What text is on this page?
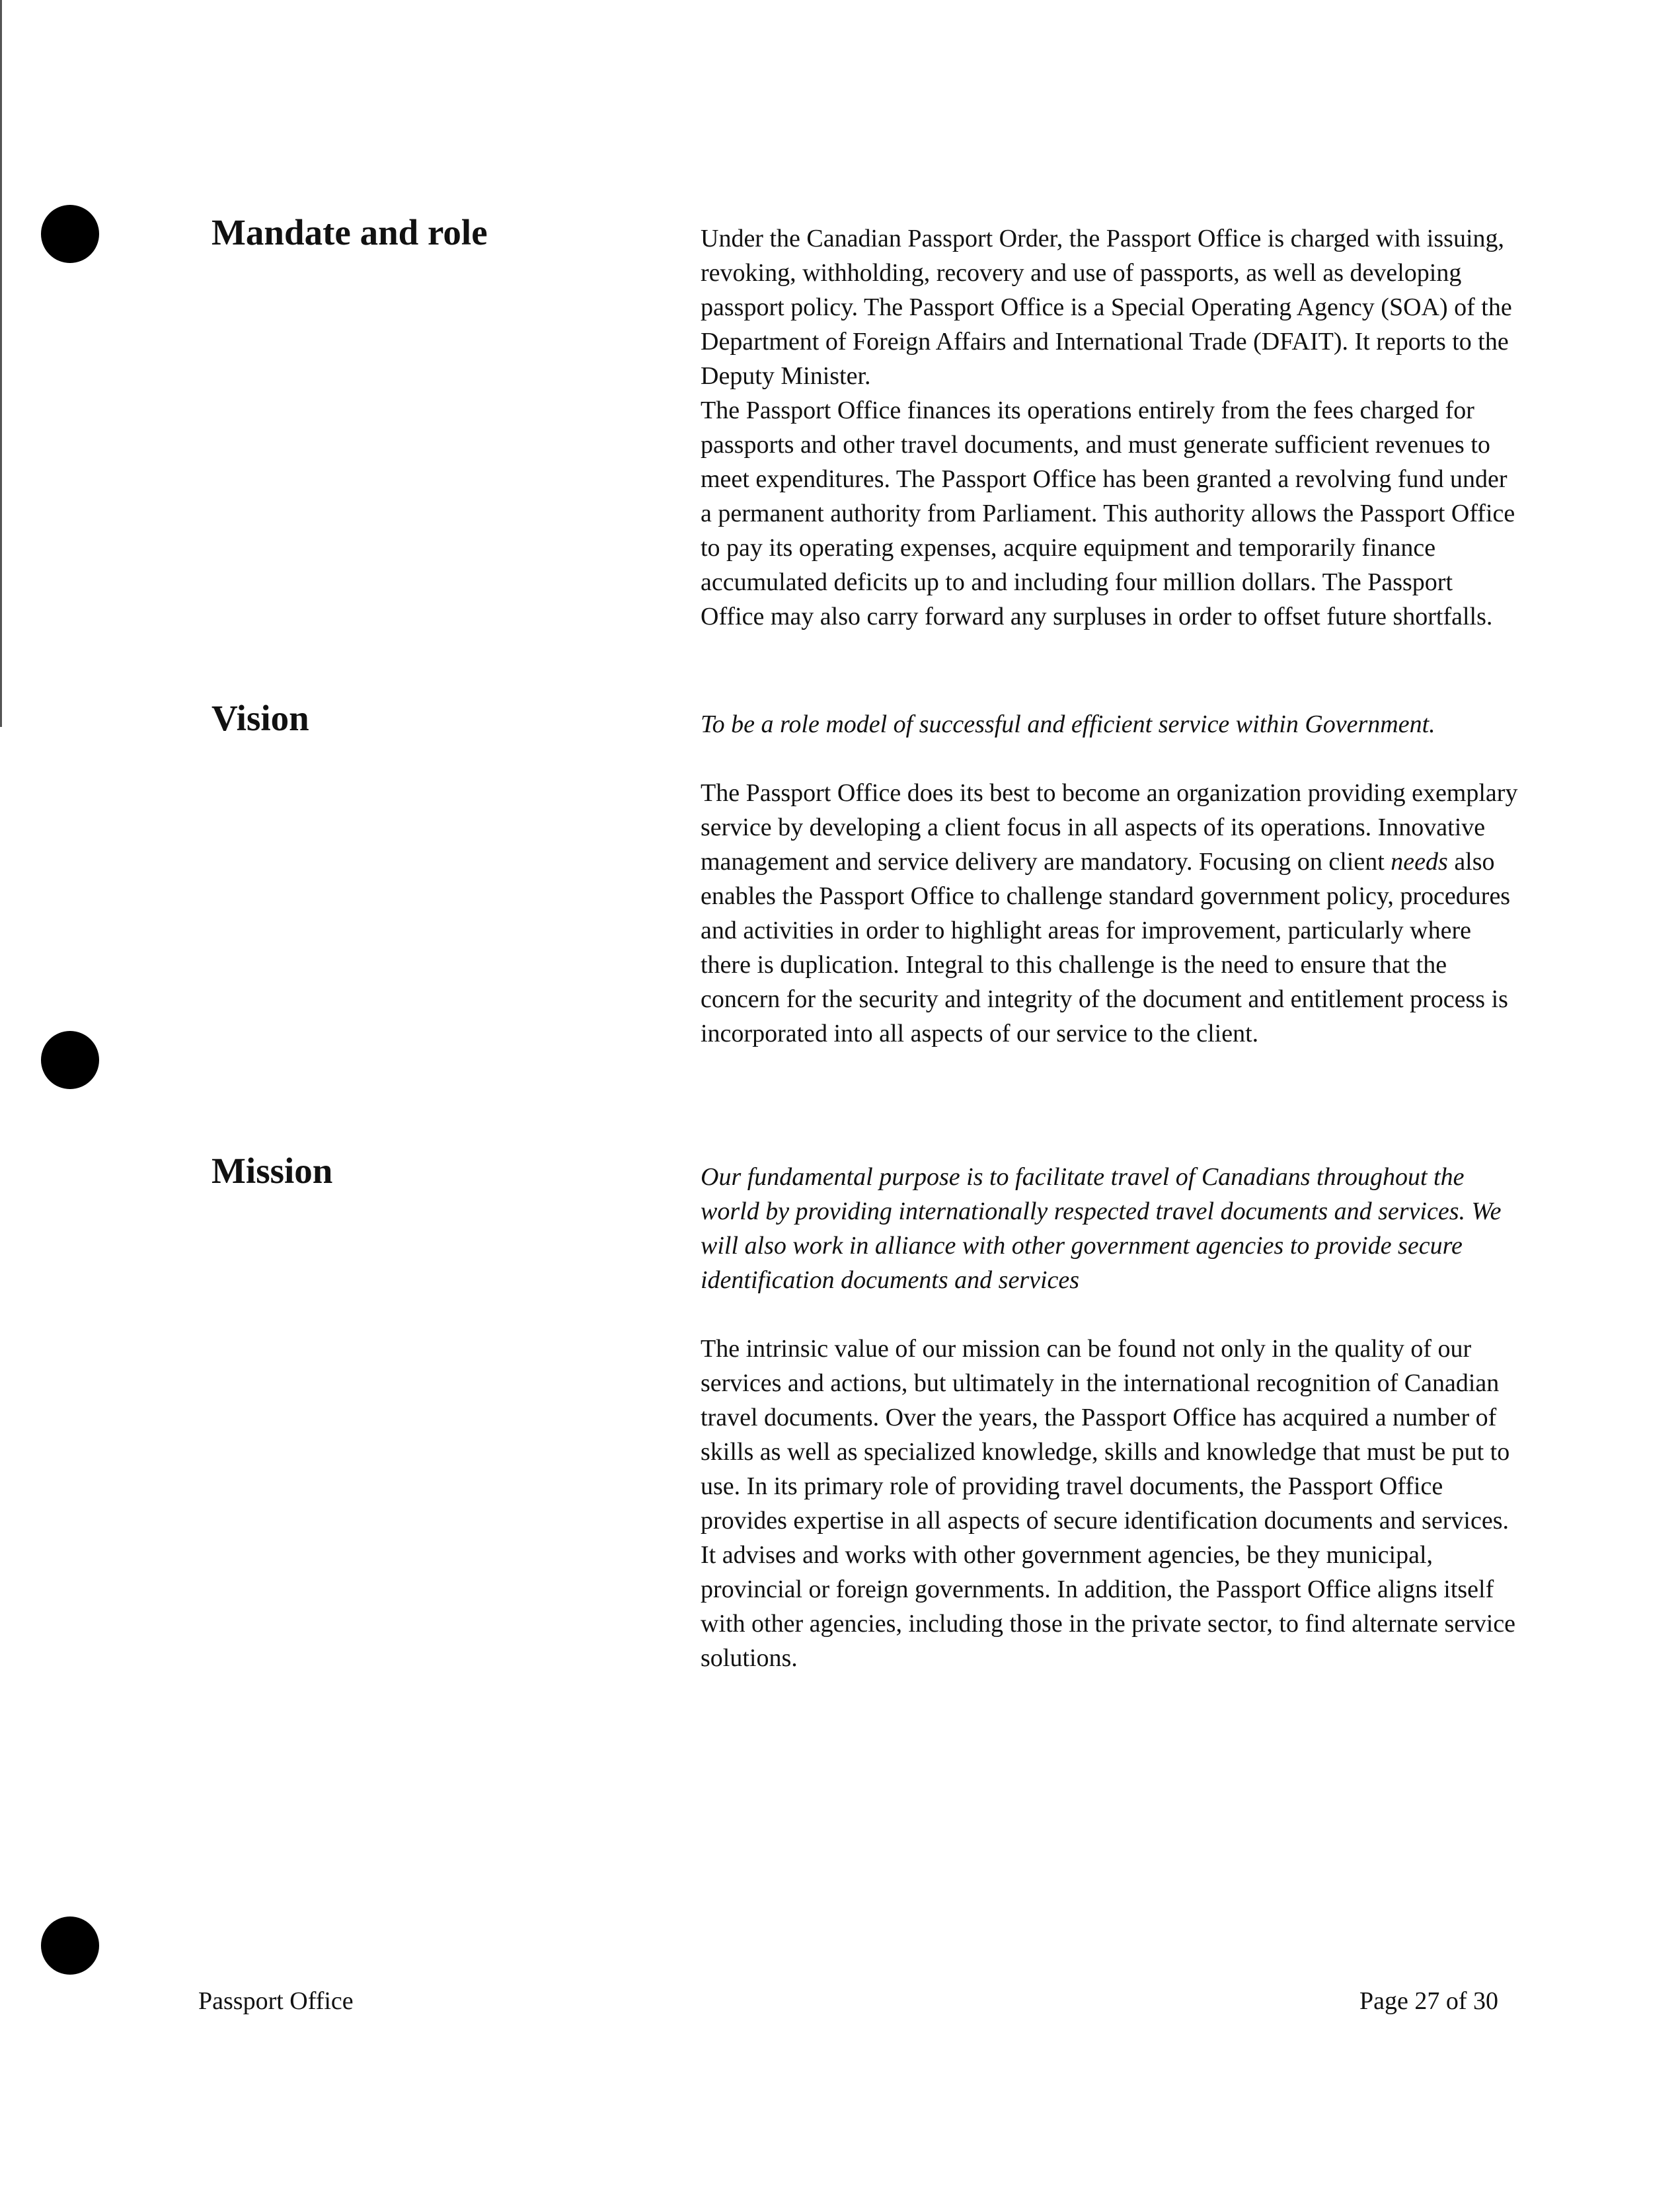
Mandate and role	Under the Canadian Passport Order, the Passport Office is charged with issuing, revoking, withholding, recovery and use of passports, as well as developing passport policy. The Passport Office is a Special Operating Agency (SOA) of the Department of Foreign Affairs and International Trade (DFAIT). It reports to the Deputy Minister.

The Passport Office finances its operations entirely from the fees charged for passports and other travel documents, and must generate sufficient revenues to meet expenditures. The Passport Office has been granted a revolving fund under a permanent authority from Parliament. This authority allows the Passport Office to pay its operating expenses, acquire equipment and temporarily finance accumulated deficits up to and including four million dollars. The Passport Office may also carry forward any surpluses in order to offset future shortfalls.

Vision	To be a role model of successful and efficient service within Government.

The Passport Office does its best to become an organization providing exemplary service by developing a client focus in all aspects of its operations. Innovative management and service delivery are mandatory. Focusing on client needs also enables the Passport Office to challenge standard government policy, procedures and activities in order to highlight areas for improvement, particularly where there is duplication. Integral to this challenge is the need to ensure that the concern for the security and integrity of the document and entitlement process is incorporated into all aspects of our service to the client.

Mission	Our fundamental purpose is to facilitate travel of Canadians throughout the world by providing internationally respected travel documents and services. We will also work in alliance with other government agencies to provide secure identification documents and services

The intrinsic value of our mission can be found not only in the quality of our services and actions, but ultimately in the international recognition of Canadian travel documents. Over the years, the Passport Office has acquired a number of skills as well as specialized knowledge, skills and knowledge that must be put to use. In its primary role of providing travel documents, the Passport Office provides expertise in all aspects of secure identification documents and services. It advises and works with other government agencies, be they municipal, provincial or foreign governments. In addition, the Passport Office aligns itself with other agencies, including those in the private sector, to find alternate service solutions.

Passport Office	Page 27 of 30
